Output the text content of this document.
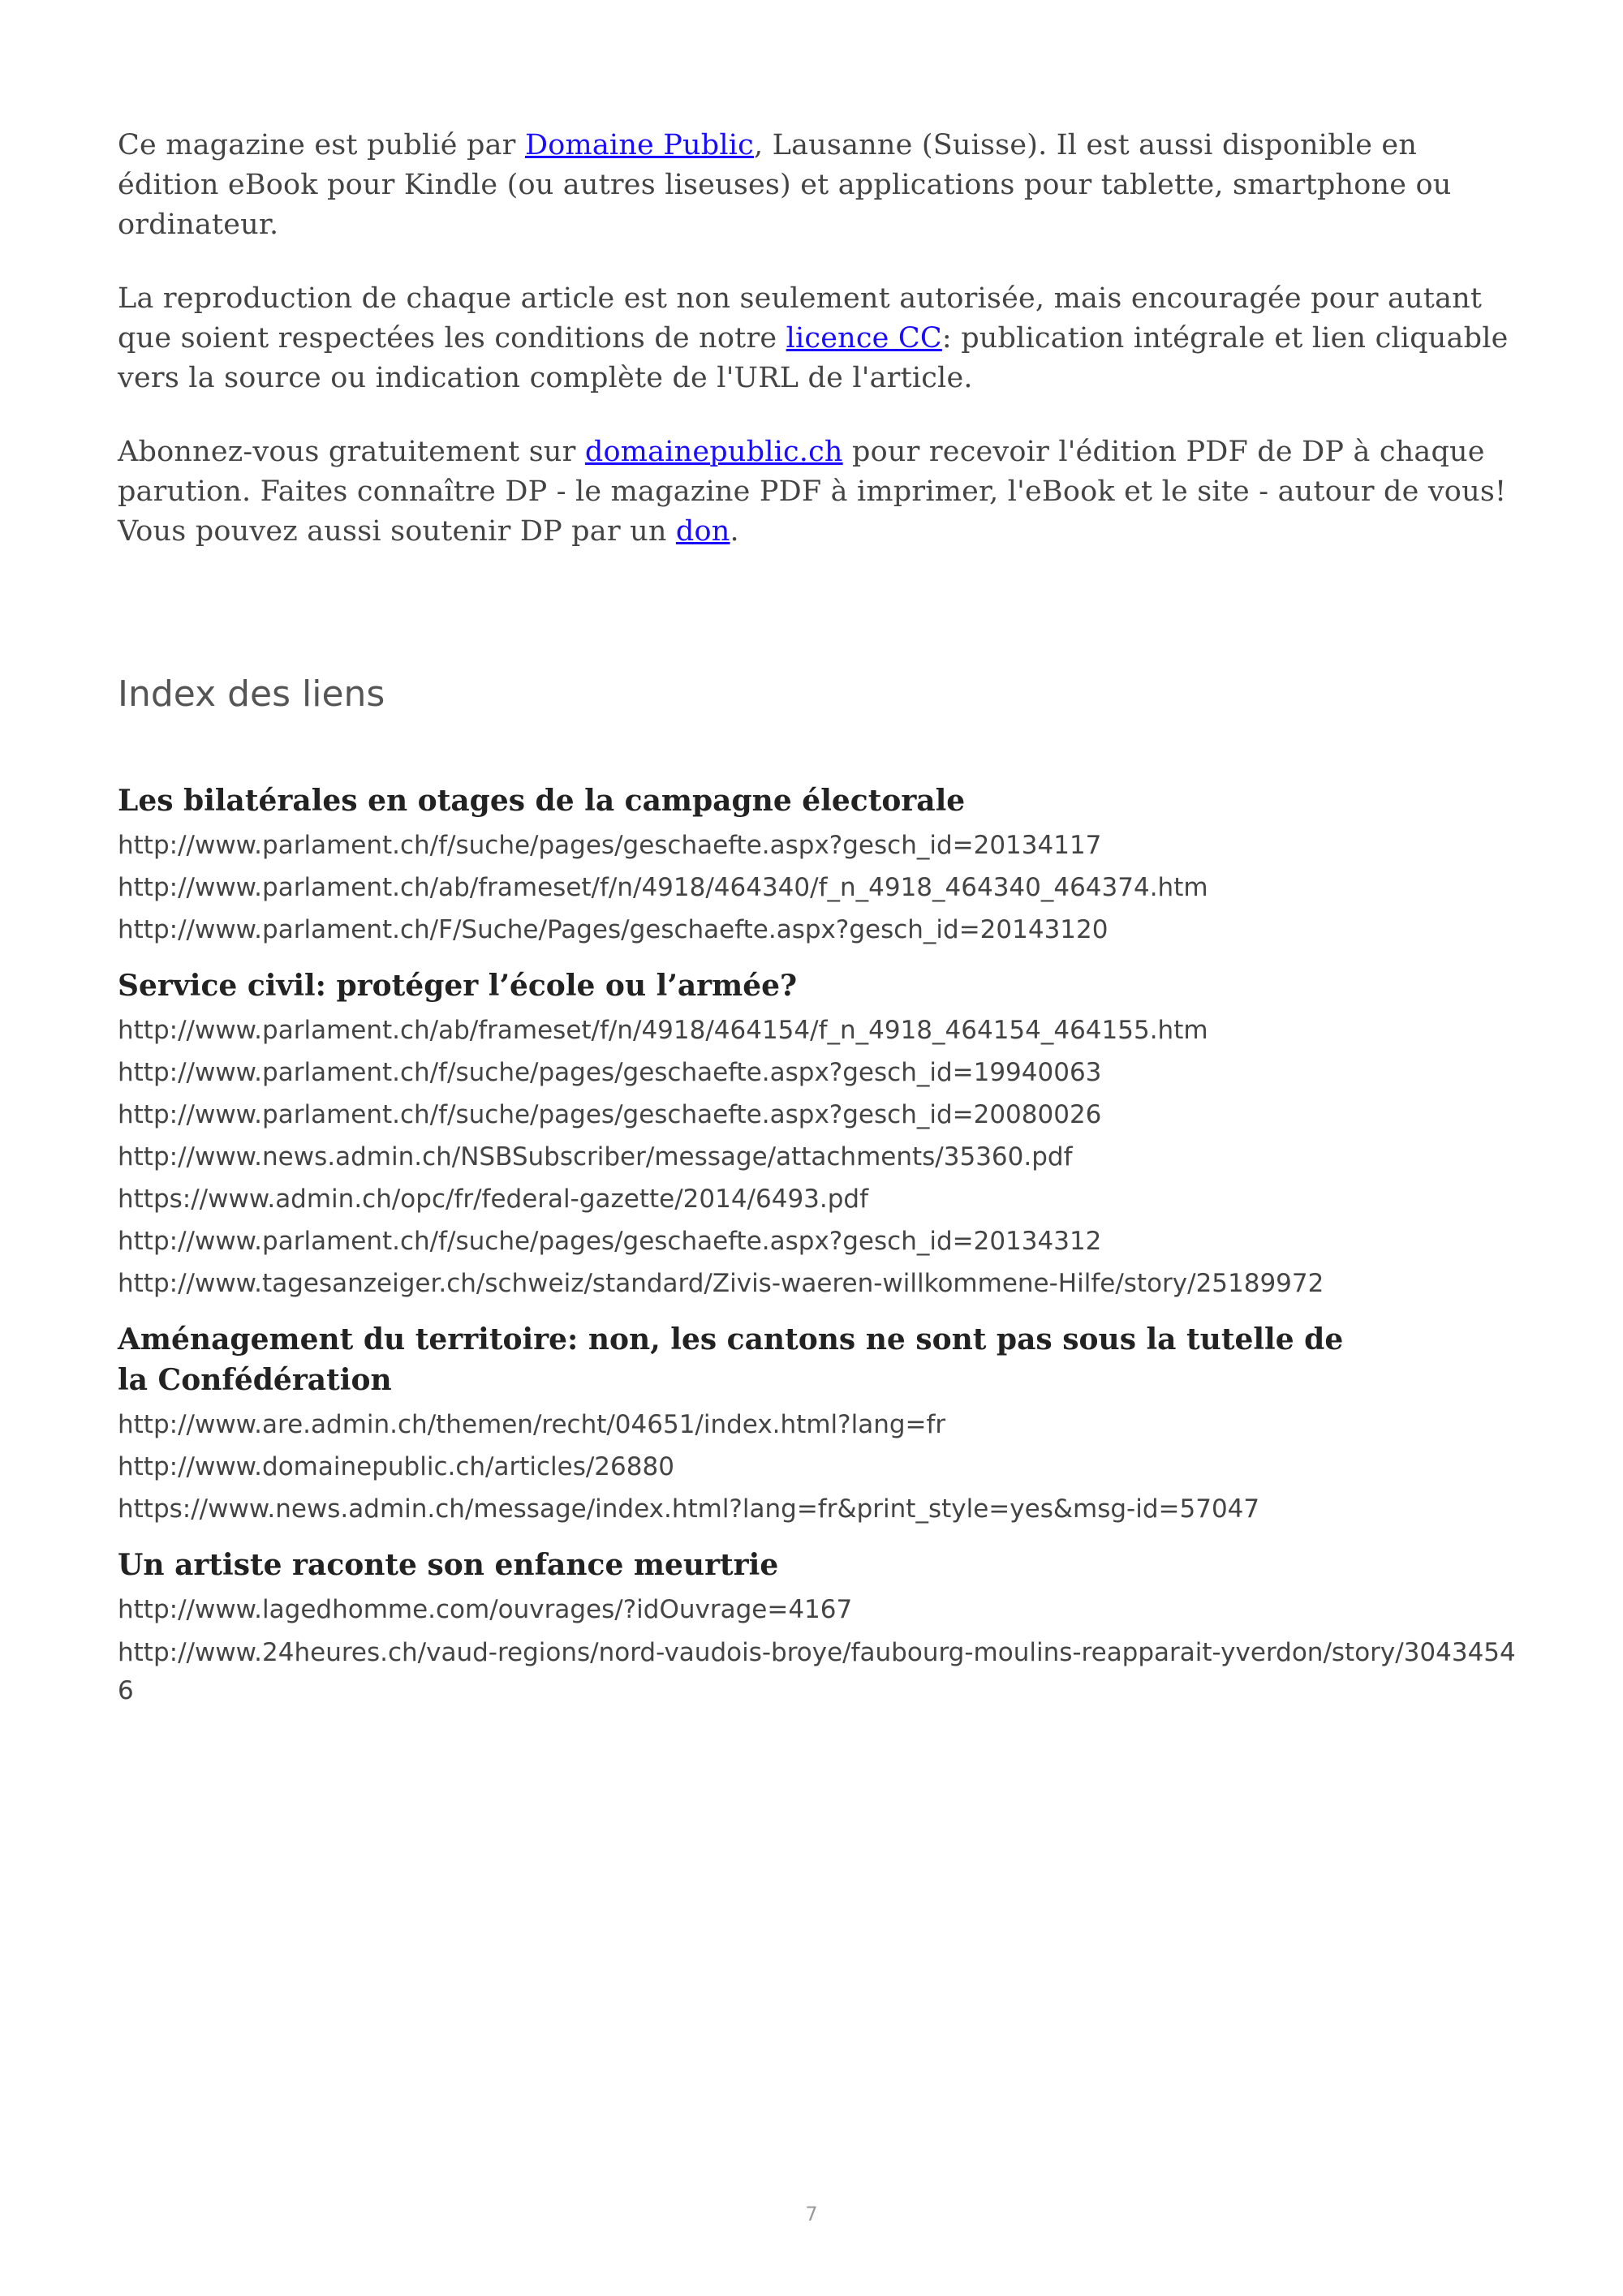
Ce magazine est publié par Domaine Public, Lausanne (Suisse). Il est aussi disponible en édition eBook pour Kindle (ou autres liseuses) et applications pour tablette, smartphone ou ordinateur.

La reproduction de chaque article est non seulement autorisée, mais encouragée pour autant que soient respectées les conditions de notre licence CC: publication intégrale et lien cliquable vers la source ou indication complète de l'URL de l'article.

Abonnez-vous gratuitement sur domainepublic.ch pour recevoir l'édition PDF de DP à chaque parution. Faites connaître DP - le magazine PDF à imprimer, l'eBook et le site - autour de vous! Vous pouvez aussi soutenir DP par un don.

Index des liens
Les bilatérales en otages de la campagne électorale
http://www.parlament.ch/f/suche/pages/geschaefte.aspx?gesch_id=20134117
http://www.parlament.ch/ab/frameset/f/n/4918/464340/f_n_4918_464340_464374.htm
http://www.parlament.ch/F/Suche/Pages/geschaefte.aspx?gesch_id=20143120
Service civil: protéger l’école ou l’armée?
http://www.parlament.ch/ab/frameset/f/n/4918/464154/f_n_4918_464154_464155.htm
http://www.parlament.ch/f/suche/pages/geschaefte.aspx?gesch_id=19940063
http://www.parlament.ch/f/suche/pages/geschaefte.aspx?gesch_id=20080026
http://www.news.admin.ch/NSBSubscriber/message/attachments/35360.pdf
https://www.admin.ch/opc/fr/federal-gazette/2014/6493.pdf
http://www.parlament.ch/f/suche/pages/geschaefte.aspx?gesch_id=20134312
http://www.tagesanzeiger.ch/schweiz/standard/Zivis-waeren-willkommene-Hilfe/story/25189972
Aménagement du territoire: non, les cantons ne sont pas sous la tutelle de la Confédération
http://www.are.admin.ch/themen/recht/04651/index.html?lang=fr
http://www.domainepublic.ch/articles/26880
https://www.news.admin.ch/message/index.html?lang=fr&print_style=yes&msg-id=57047
Un artiste raconte son enfance meurtrie
http://www.lagedhomme.com/ouvrages/?idOuvrage=4167
http://www.24heures.ch/vaud-regions/nord-vaudois-broye/faubourg-moulins-reapparait-yverdon/story/30434546
7
